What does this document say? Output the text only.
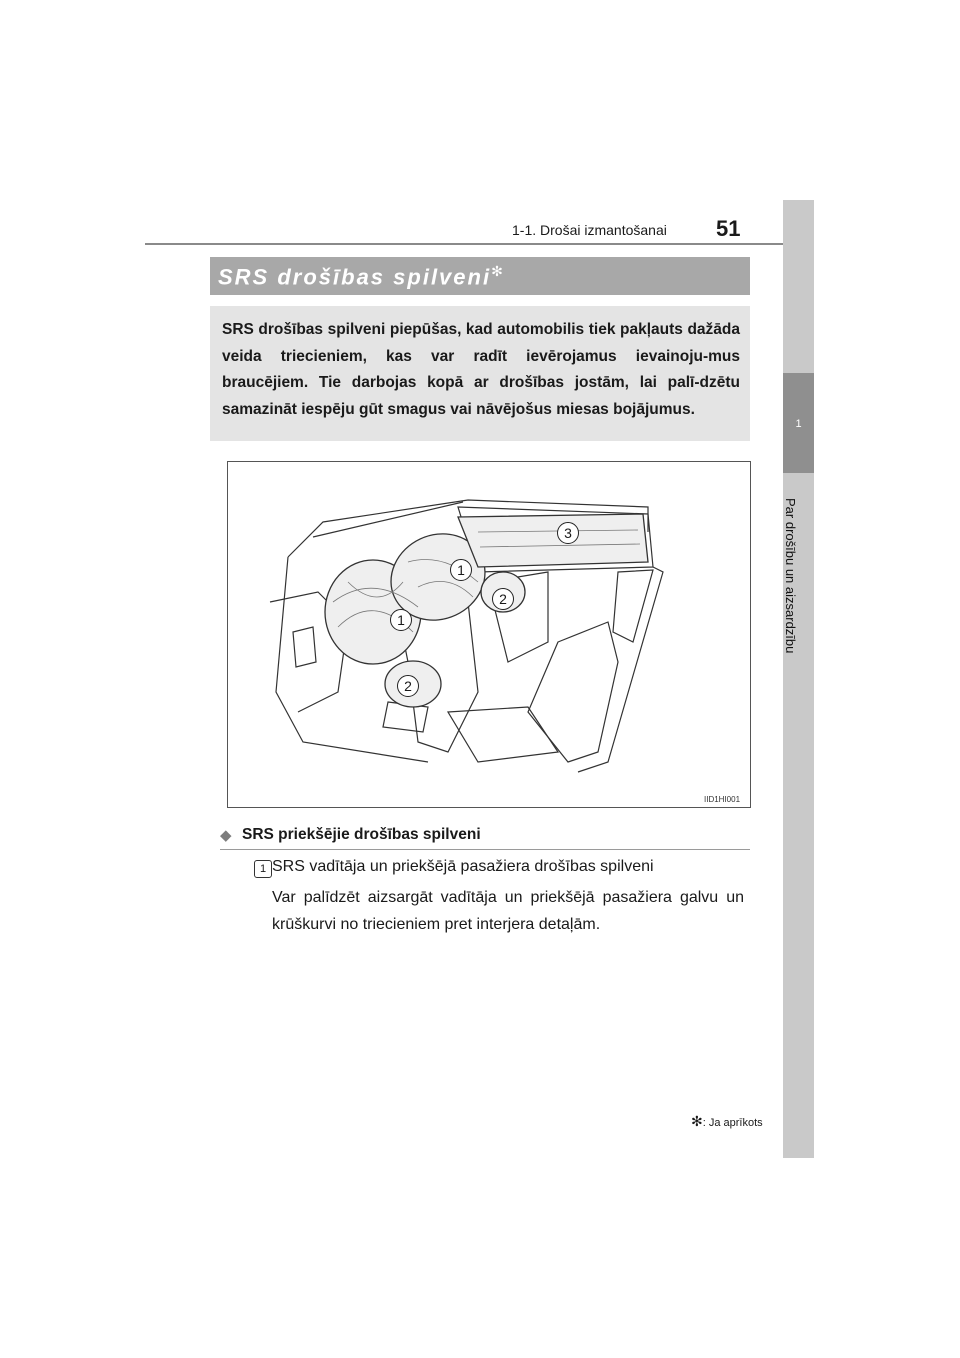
1-1. Drošai izmantošanai 51
1
Par drošību un aizsardzību
SRS drošības spilveni✻
SRS drošības spilveni piepūšas, kad automobilis tiek pakļauts dažāda veida triecieniem, kas var radīt ievērojamus ievainoju-mus braucējiem. Tie darbojas kopā ar drošības jostām, lai palī-dzētu samazināt iespēju gūt smagus vai nāvējošus miesas bojājumus.
1
1
2
2
3
IID1HI001
◆ SRS priekšējie drošības spilveni
1 SRS vadītāja un priekšējā pasažiera drošības spilveni
Var palīdzēt aizsargāt vadītāja un priekšējā pasažiera galvu un krūškurvi no triecieniem pret interjera detaļām.
✻: Ja aprīkots
